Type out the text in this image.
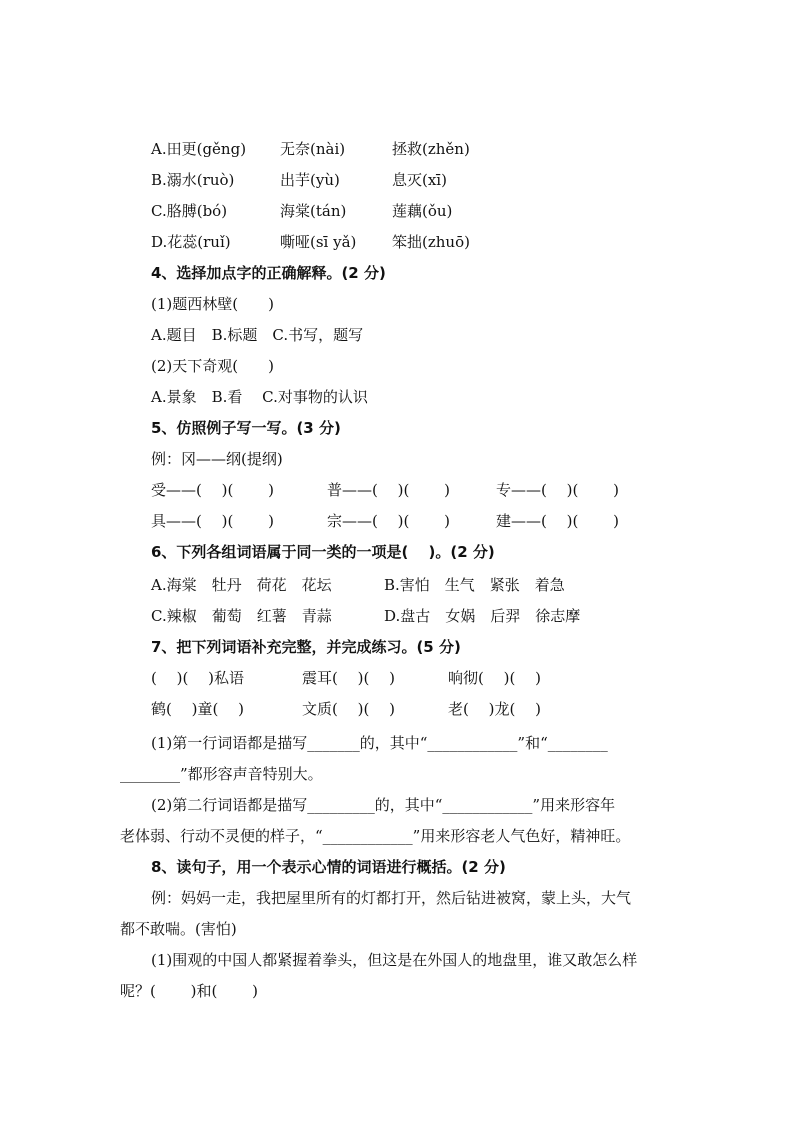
A.田更(gěng) 无奈(nài)	拯救(zhěn)
B.溺水(ruò)	出芋(yù)	息灭(xī)
C.胳膊(bó)	海棠(tán)	莲藕(ǒu)
D.花蕊(ruǐ)	嘶哑(sī yǎ) 笨拙(zhuō)
4、选择加点字的正确解释。(2 分)
(1)题西林壁(　　)
A.题目　B.标题　C.书写，题写
(2)天下奇观(　　)
A.景象　B.看　 C.对事物的认识
5、仿照例子写一写。(3 分)
例：冈——纲(提纲)
受——(　 )(　　 )	普——(　 )(　　 )	专——(　 )(　　 )
具——(　 )(　　 )	宗——(　 )(　　 )	建——(　 )(　　 )
6、下列各组词语属于同一类的一项是(　 )。(2 分)
A.海棠　牡丹　荷花　花坛	B.害怕　生气　紧张　着急
C.辣椒　葡萄　红薯　青蒜	D.盘古　女娲　后羿　徐志摩
7、把下列词语补充完整，并完成练习。(5 分)
(　 )(　 )私语	震耳(　 )(　 )	响彻(　 )(　 )
鹤(　 )童(　 )	文质(　 )(　 )	老(　 )龙(　 )
(1)第一行词语都是描写_______的，其中“____________”和“________
________”都形容声音特别大。
(2)第二行词语都是描写_________的，其中“____________”用来形容年
老体弱、行动不灵便的样子，“____________”用来形容老人气色好，精神旺。
8、读句子，用一个表示心情的词语进行概括。(2 分)
例：妈妈一走，我把屋里所有的灯都打开，然后钻进被窝，蒙上头，大气
都不敢喘。(害怕)
(1)围观的中国人都紧握着拳头，但这是在外国人的地盘里，谁又敢怎么样
呢？(　　 )和(　　 )
